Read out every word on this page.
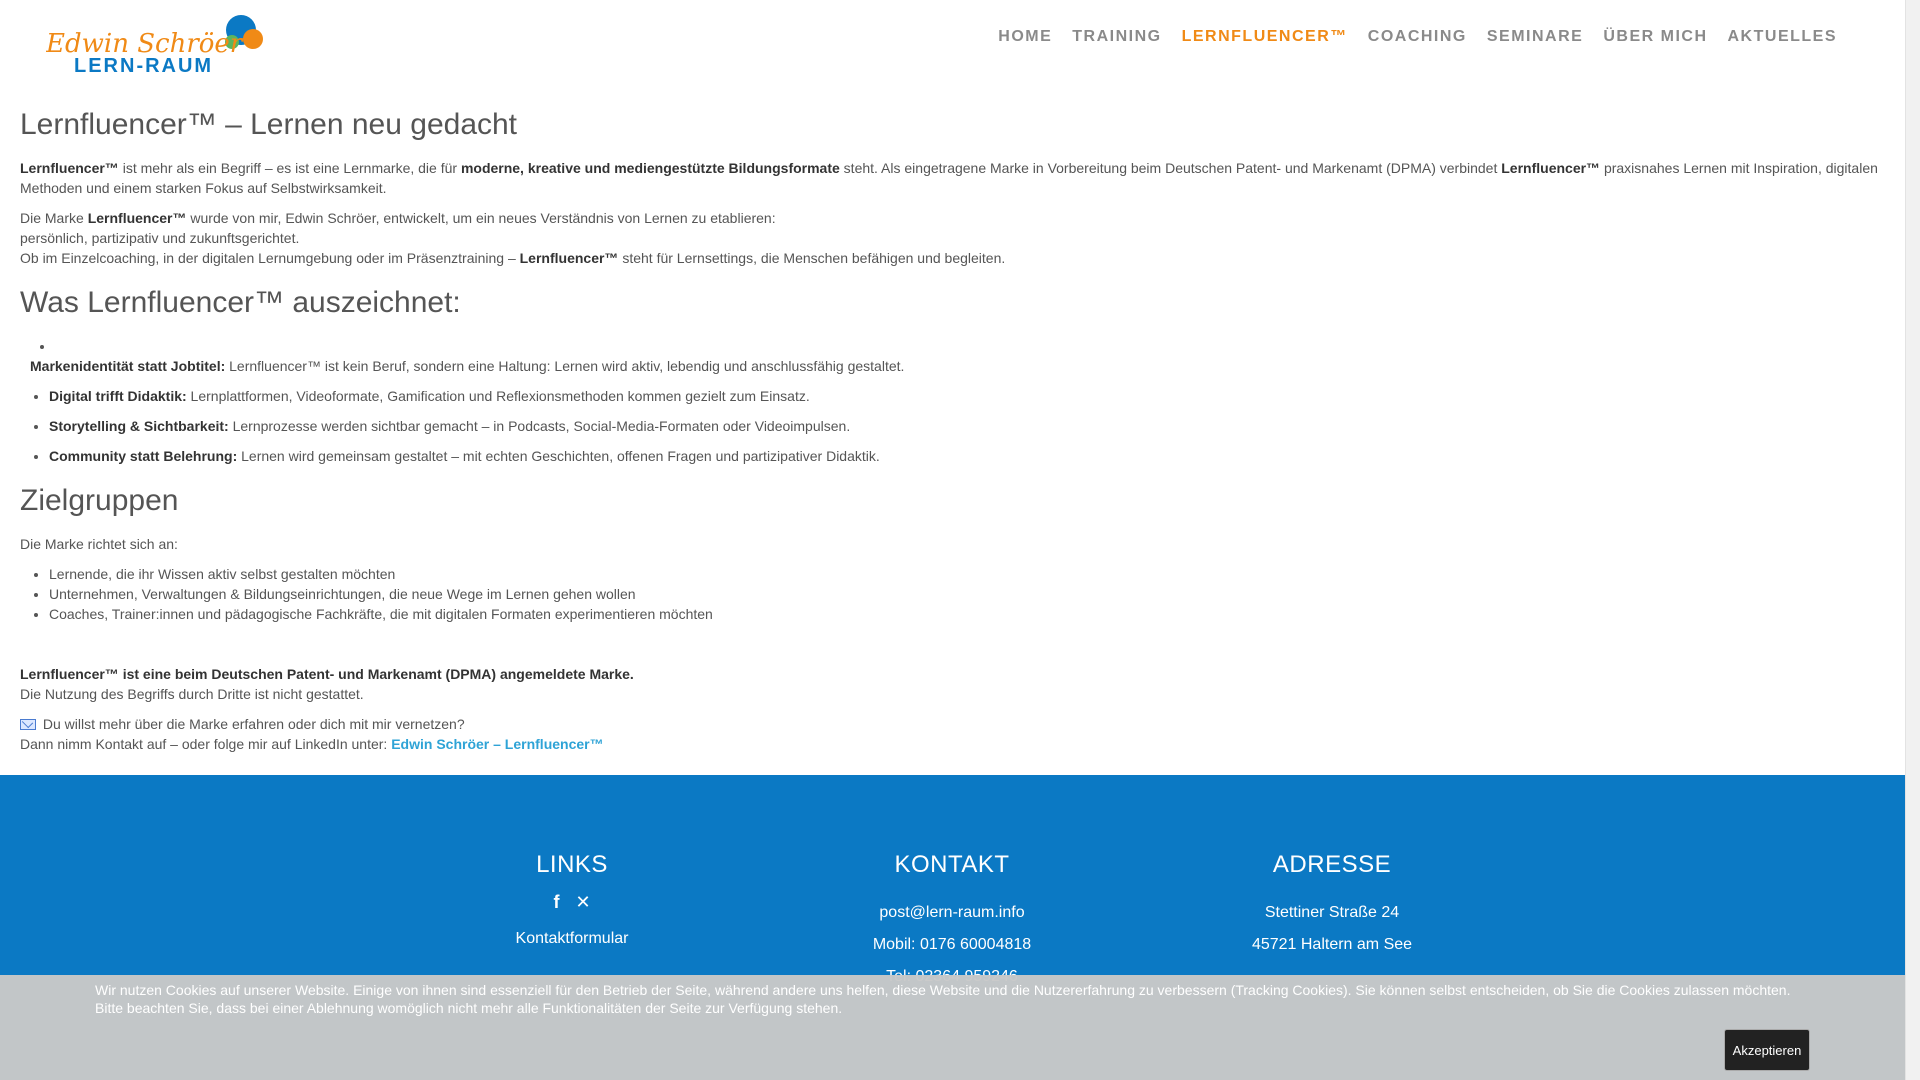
Edwin Schröer
LERN-RAUM
HOME	TRAINING	LERNFLUENCER™	COACHING	SEMINARE	ÜBER MICH	AKTUELLES
Lernfluencer™ – Lernen neu gedacht

Lernfluencer™ ist mehr als ein Begriff – es ist eine Lernmarke, die für moderne, kreative und mediengestützte Bildungsformate steht. Als eingetragene Marke in Vorbereitung beim Deutschen Patent- und Markenamt (DPMA) verbindet Lernfluencer™ praxisnahes Lernen mit Inspiration, digitalen Methoden und einem starken Fokus auf Selbstwirksamkeit.

Die Marke Lernfluencer™ wurde von mir, Edwin Schröer, entwickelt, um ein neues Verständnis von Lernen zu etablieren:
persönlich, partizipativ und zukunftsgerichtet.
Ob im Einzelcoaching, in der digitalen Lernumgebung oder im Präsenztraining – Lernfluencer™ steht für Lernsettings, die Menschen befähigen und begleiten.

Was Lernfluencer™ auszeichnet:
• Markenidentität statt Jobtitel: Lernfluencer™ ist kein Beruf, sondern eine Haltung: Lernen wird aktiv, lebendig und anschlussfähig gestaltet.
• Digital trifft Didaktik: Lernplattformen, Videoformate, Gamification und Reflexionsmethoden kommen gezielt zum Einsatz.
• Storytelling & Sichtbarkeit: Lernprozesse werden sichtbar gemacht – in Podcasts, Social-Media-Formaten oder Videoimpulsen.
• Community statt Belehrung: Lernen wird gemeinsam gestaltet – mit echten Geschichten, offenen Fragen und partizipativer Didaktik.
Zielgruppen

Die Marke richtet sich an:

• Lernende, die ihr Wissen aktiv selbst gestalten möchten
• Unternehmen, Verwaltungen & Bildungseinrichtungen, die neue Wege im Lernen gehen wollen
• Coaches, Trainer:innen und pädagogische Fachkräfte, die mit digitalen Formaten experimentieren möchten

Lernfluencer™ ist eine beim Deutschen Patent- und Markenamt (DPMA) angemeldete Marke.
Die Nutzung des Begriffs durch Dritte ist nicht gestattet.

Du willst mehr über die Marke erfahren oder dich mit mir vernetzen?
Dann nimm Kontakt auf – oder folge mir auf LinkedIn unter: Edwin Schröer – Lernfluencer™

LINKS
f ✕
Kontaktformular
KONTAKT
post@lern-raum.info
Mobil: 0176 60004818
ADRESSE
Stettiner Straße 24
45721 Haltern am See

Wir nutzen Cookies auf unserer Website. Einige von ihnen sind essenziell für den Betrieb der Seite, während andere uns helfen, diese Website und die Nutzererfahrung zu verbessern (Tracking Cookies). Sie können selbst entscheiden, ob Sie die Cookies zulassen möchten.
Bitte beachten Sie, dass bei einer Ablehnung womöglich nicht mehr alle Funktionalitäten der Seite zur Verfügung stehen.

Akzeptieren
